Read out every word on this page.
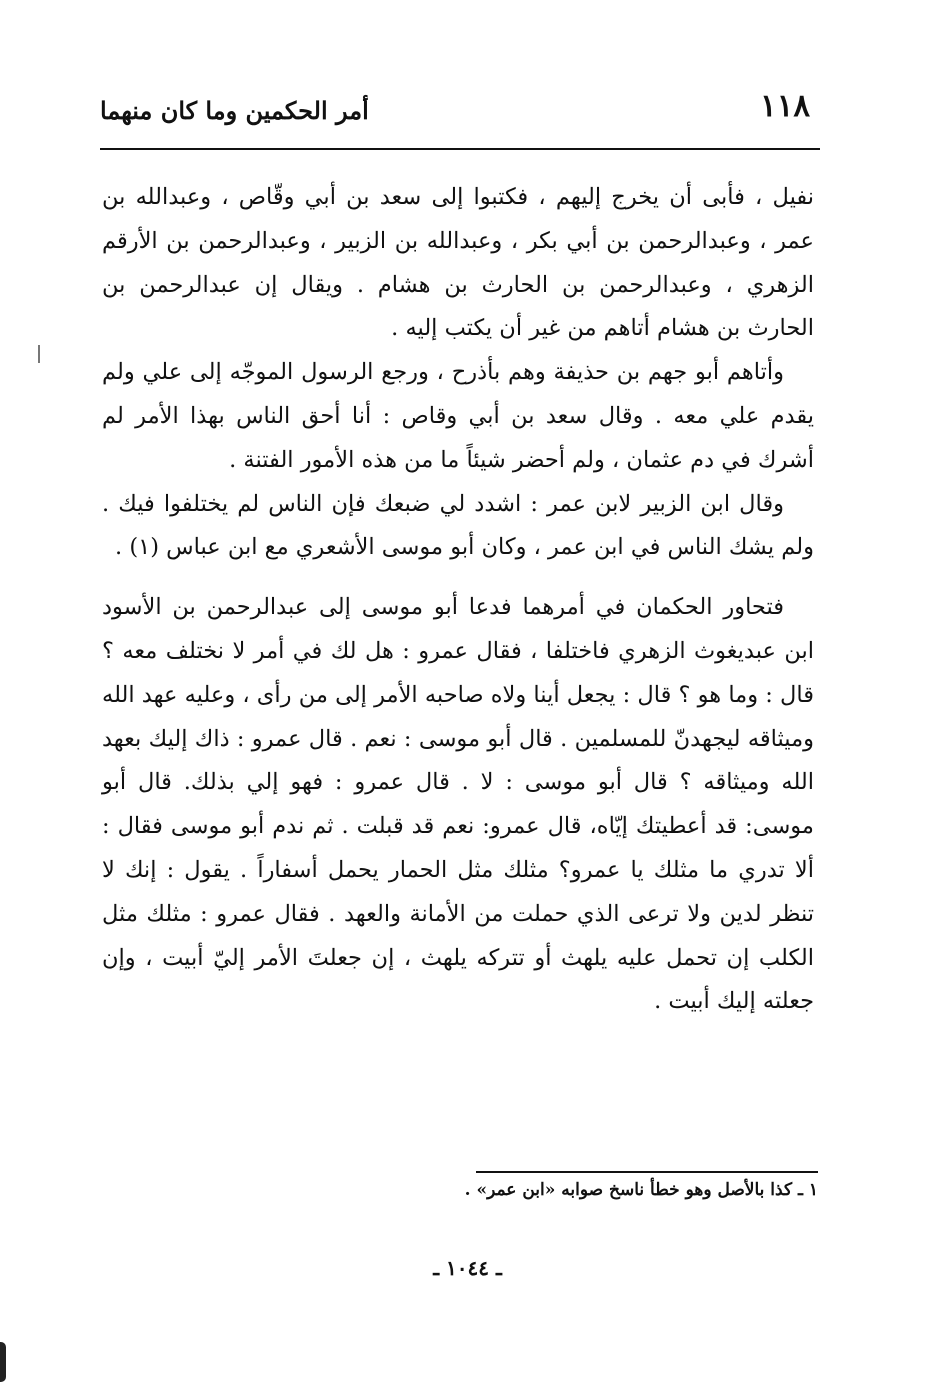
١١٨
أمر الحكمين وما كان منهما

نفيل ، فأبى أن يخرج إليهم ، فكتبوا إلى سعد بن أبي وقّاص ، وعبدالله بن عمر ، وعبدالرحمن بن أبي بكر ، وعبدالله بن الزبير ، وعبدالرحمن بن الأرقم الزهري ، وعبدالرحمن بن الحارث بن هشام . ويقال إن عبدالرحمن بن الحارث بن هشام أتاهم من غير أن يكتب إليه .

وأتاهم أبو جهم بن حذيفة وهم بأذرح ، ورجع الرسول الموجّه إلى علي ولم يقدم علي معه . وقال سعد بن أبي وقاص : أنا أحق الناس بهذا الأمر لم أشرك في دم عثمان ، ولم أحضر شيئاً ما من هذه الأمور الفتنة .

وقال ابن الزبير لابن عمر : اشدد لي ضبعك فإن الناس لم يختلفوا فيك . ولم يشك الناس في ابن عمر ، وكان أبو موسى الأشعري مع ابن عباس (١) .

فتحاور الحكمان في أمرهما فدعا أبو موسى إلى عبدالرحمن بن الأسود ابن عبديغوث الزهري فاختلفا ، فقال عمرو : هل لك في أمر لا نختلف معه ؟ قال : وما هو ؟ قال : يجعل أينا ولاه صاحبه الأمر إلى من رأى ، وعليه عهد الله وميثاقه ليجهدنّ للمسلمين . قال أبو موسى : نعم . قال عمرو : ذاك إليك بعهد الله وميثاقه ؟ قال أبو موسى : لا . قال عمرو : فهو إلي بذلك. قال أبو موسى: قد أعطيتك إيّاه، قال عمرو: نعم قد قبلت . ثم ندم أبو موسى فقال : ألا تدري ما مثلك يا عمرو؟ مثلك مثل الحمار يحمل أسفاراً . يقول : إنك لا تنظر لدين ولا ترعى الذي حملت من الأمانة والعهد . فقال عمرو : مثلك مثل الكلب إن تحمل عليه يلهث أو تتركه يلهث ، إن جعلتَ الأمر إليّ أبيت ، وإن جعلته إليك أبيت .

١ ـ كذا بالأصل وهو خطأ ناسخ صوابه «ابن عمر» .
ـ ١٠٤٤ ـ
